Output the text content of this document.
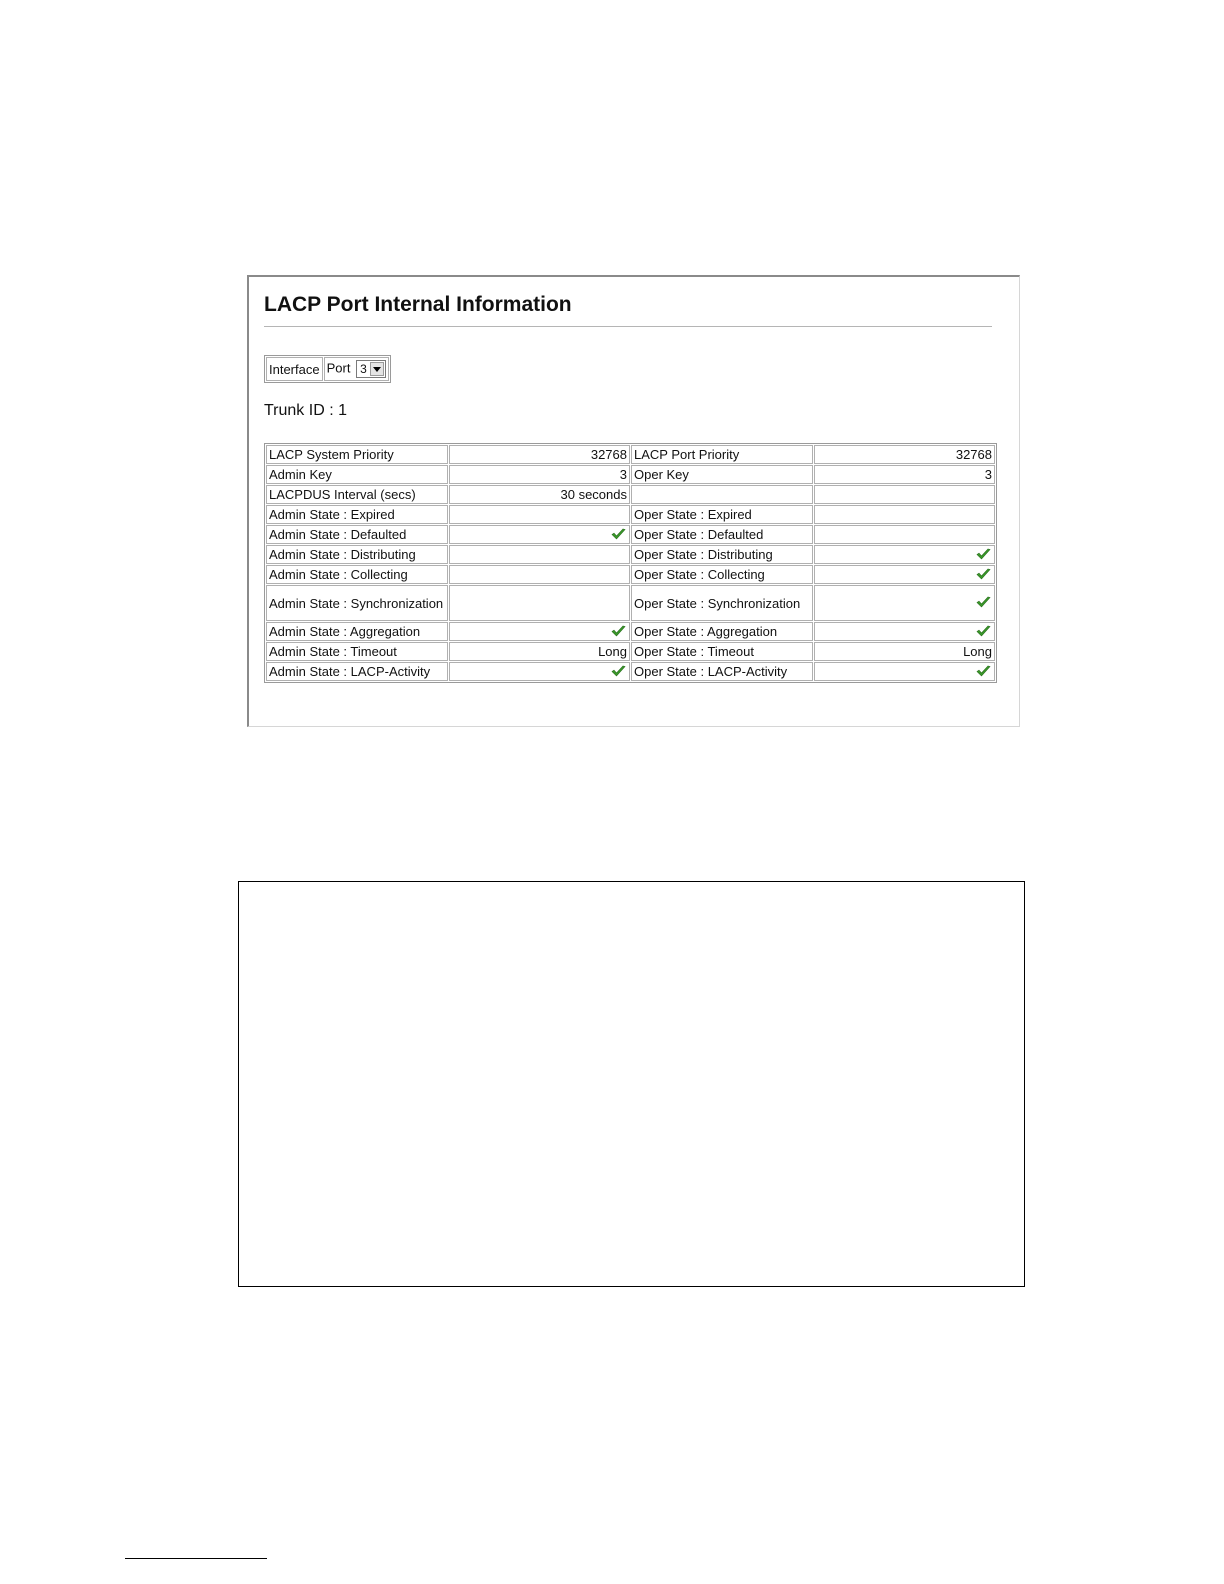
LACP Port Internal Information
Interface	Port 3
Trunk ID : 1
LACP System Priority	32768	LACP Port Priority	32768
Admin Key	3	Oper Key	3
LACPDUS Interval (secs)	30 seconds		
Admin State : Expired		Oper State : Expired	
Admin State : Defaulted		Oper State : Defaulted	
Admin State : Distributing		Oper State : Distributing	
Admin State : Collecting		Oper State : Collecting	
Admin State : Synchronization		Oper State : Synchronization	
Admin State : Aggregation		Oper State : Aggregation	
Admin State : Timeout	Long	Oper State : Timeout	Long
Admin State : LACP-Activity		Oper State : LACP-Activity	
